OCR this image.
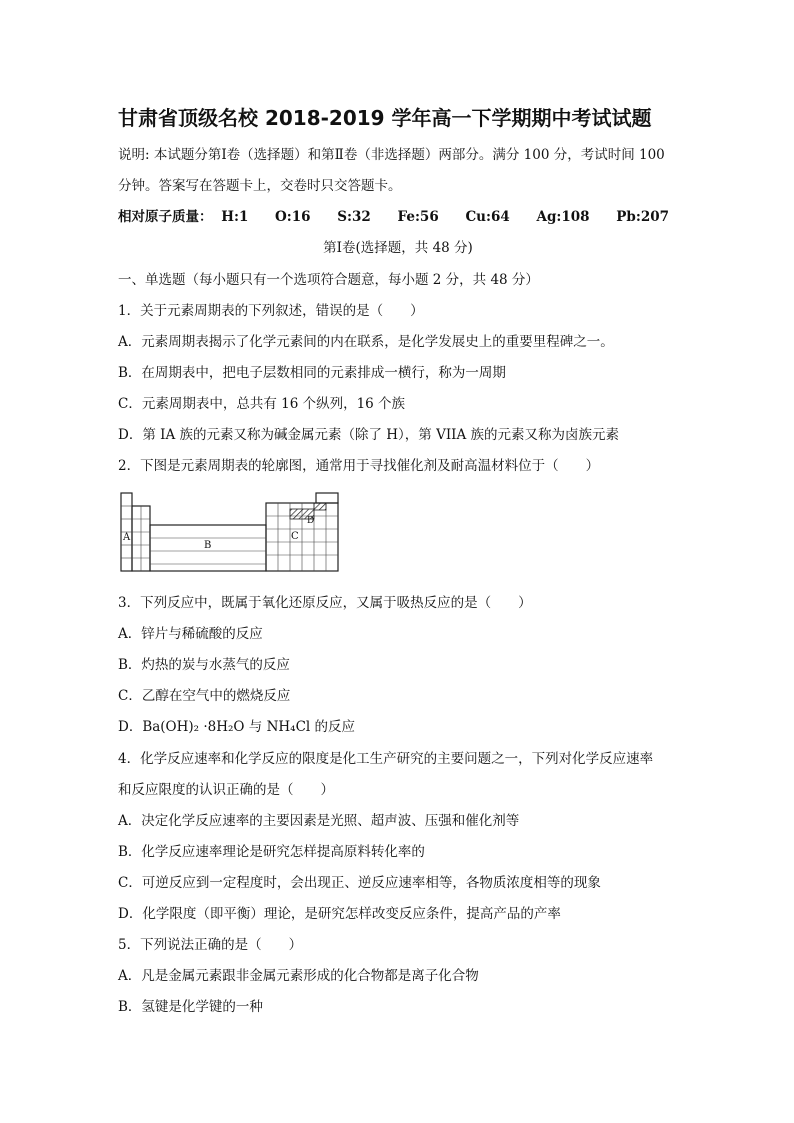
甘肃省顶级名校 2018-2019 学年高一下学期期中考试试题
说明: 本试题分第Ⅰ卷（选择题）和第Ⅱ卷（非选择题）两部分。满分 100 分，考试时间 100
分钟。答案写在答题卡上，交卷时只交答题卡。
相对原子质量： H:1 O:16 S:32 Fe:56 Cu:64 Ag:108 Pb:207
第Ⅰ卷(选择题，共 48 分)
一、单选题（每小题只有一个选项符合题意，每小题 2 分，共 48 分）
1．关于元素周期表的下列叙述，错误的是（　　）
A．元素周期表揭示了化学元素间的内在联系，是化学发展史上的重要里程碑之一。
B．在周期表中，把电子层数相同的元素排成一横行，称为一周期
C．元素周期表中，总共有 16 个纵列，16 个族
D．第 IA 族的元素又称为碱金属元素（除了 H），第 VIIA 族的元素又称为卤族元素
2．下图是元素周期表的轮廓图，通常用于寻找催化剂及耐高温材料位于（　　）
A
B
C
D
3．下列反应中，既属于氧化还原反应，又属于吸热反应的是（　　）
A．锌片与稀硫酸的反应
B．灼热的炭与水蒸气的反应
C．乙醇在空气中的燃烧反应
D．Ba(OH)₂ ·8H₂O 与 NH₄Cl 的反应
4．化学反应速率和化学反应的限度是化工生产研究的主要问题之一，下列对化学反应速率
和反应限度的认识正确的是（　　）
A．决定化学反应速率的主要因素是光照、超声波、压强和催化剂等
B．化学反应速率理论是研究怎样提高原料转化率的
C．可逆反应到一定程度时，会出现正、逆反应速率相等，各物质浓度相等的现象
D．化学限度（即平衡）理论，是研究怎样改变反应条件，提高产品的产率
5．下列说法正确的是（　　）
A．凡是金属元素跟非金属元素形成的化合物都是离子化合物
B．氢键是化学键的一种
